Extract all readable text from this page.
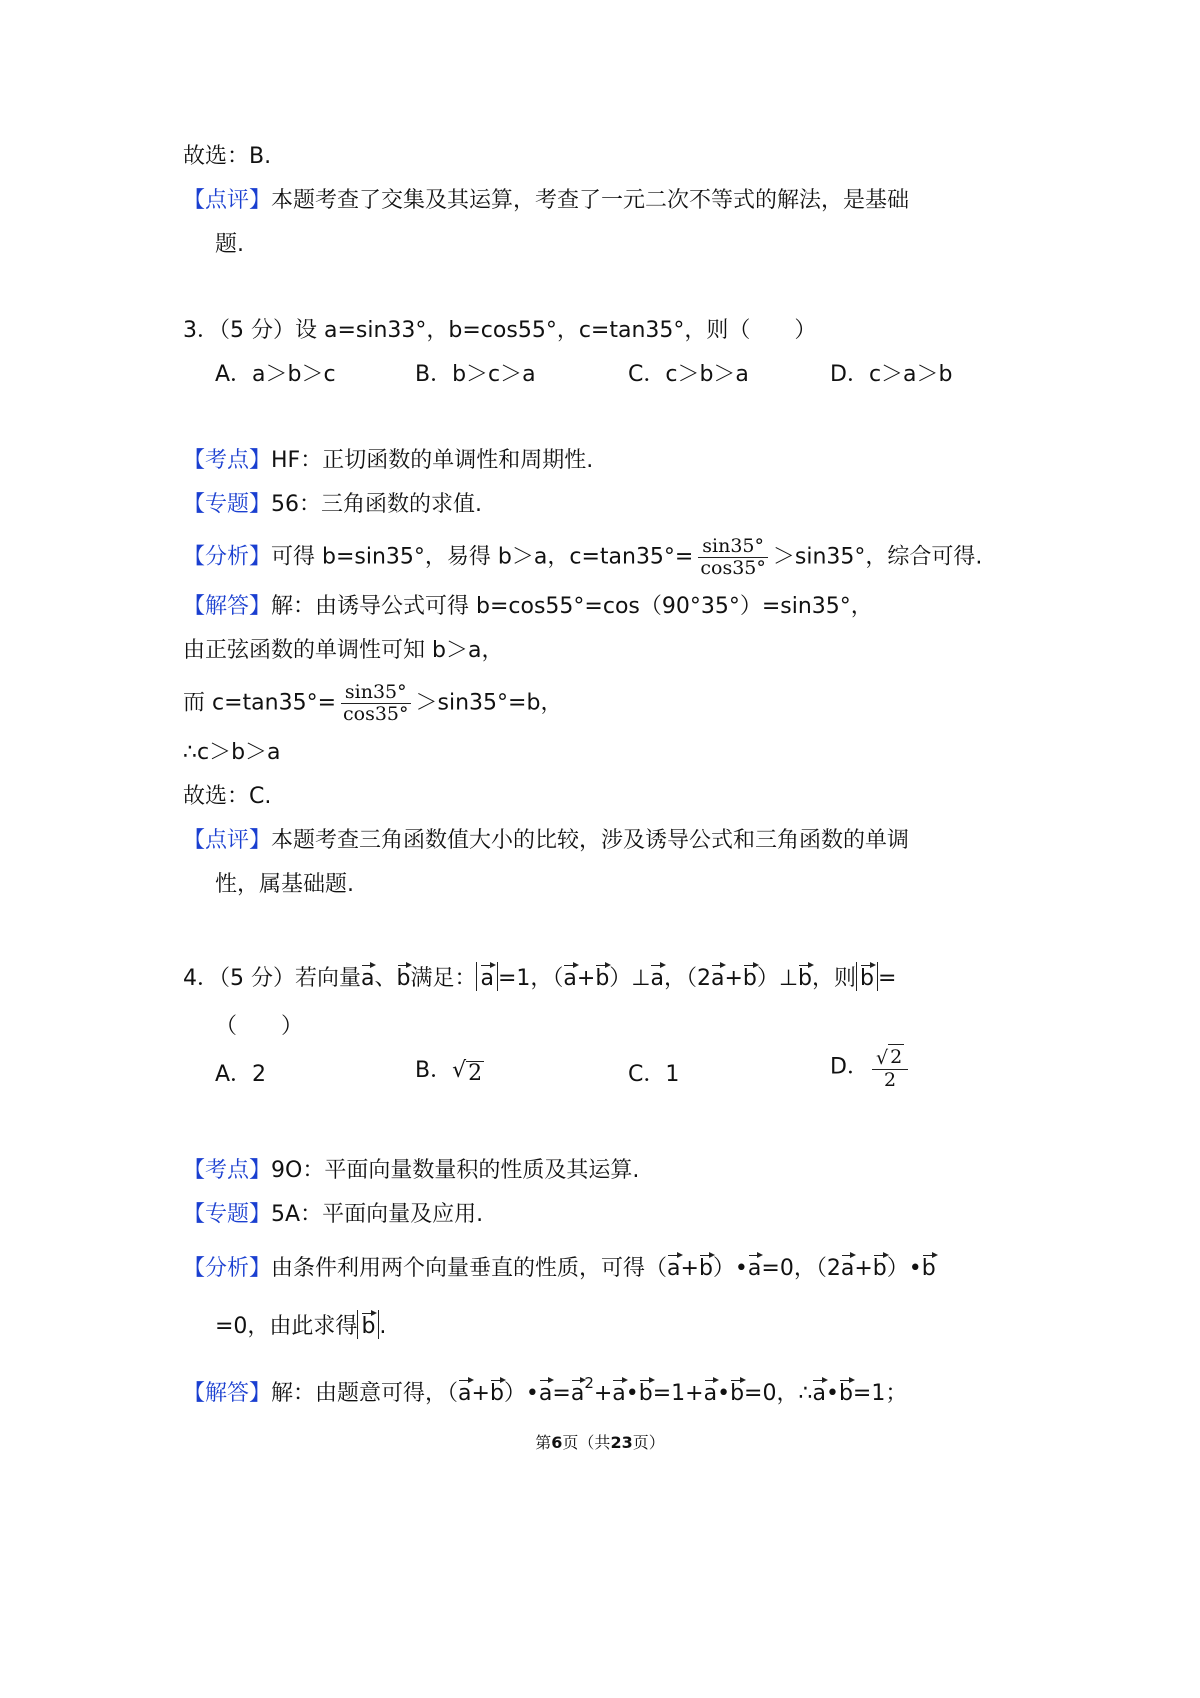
故选：B.
【点评】本题考查了交集及其运算，考查了一元二次不等式的解法，是基础
题.
3．（5 分）设 a=sin33°，b=cos55°，c=tan35°，则（　　）
A．a＞b＞c	B．b＞c＞a	C．c＞b＞a	D．c＞a＞b
【考点】HF：正切函数的单调性和周期性.
【专题】56：三角函数的求值.
【分析】可得 b=sin35°，易得 b＞a，$c=\tan 35^\circ= \frac{\sin 35^\circ}{\cos 35^\circ} >\sin 35^\circ$，综合可得.
【解答】解：由诱导公式可得 b=cos55°=cos（90°35°）=sin35°，
由正弦函数的单调性可知 b＞a，
而 $c=\tan 35^\circ= \frac{\sin 35^\circ}{\cos 35^\circ} >\sin 35^\circ=b$，
∴c＞b＞a
故选：C.
【点评】本题考查三角函数值大小的比较，涉及诱导公式和三角函数的单调
性，属基础题.
4．（5 分）若向量a、b满足： a =1，（a+b）⊥a，（2a+b）⊥b，则 b =
（　　）
A．2	B．√ 2	C．1	D． $\frac{√ 2}{2}$
【考点】9O：平面向量数量积的性质及其运算.
【专题】5A：平面向量及应用.
【分析】由条件利用两个向量垂直的性质，可得（a+b）•a=0，（2a+b）•b
=0，由此求得 b .
【解答】解：由题意可得，$(a+b)•a=a^2+a•b=1+a•b=0$，∴a•b=1；
第6页（共23页）
